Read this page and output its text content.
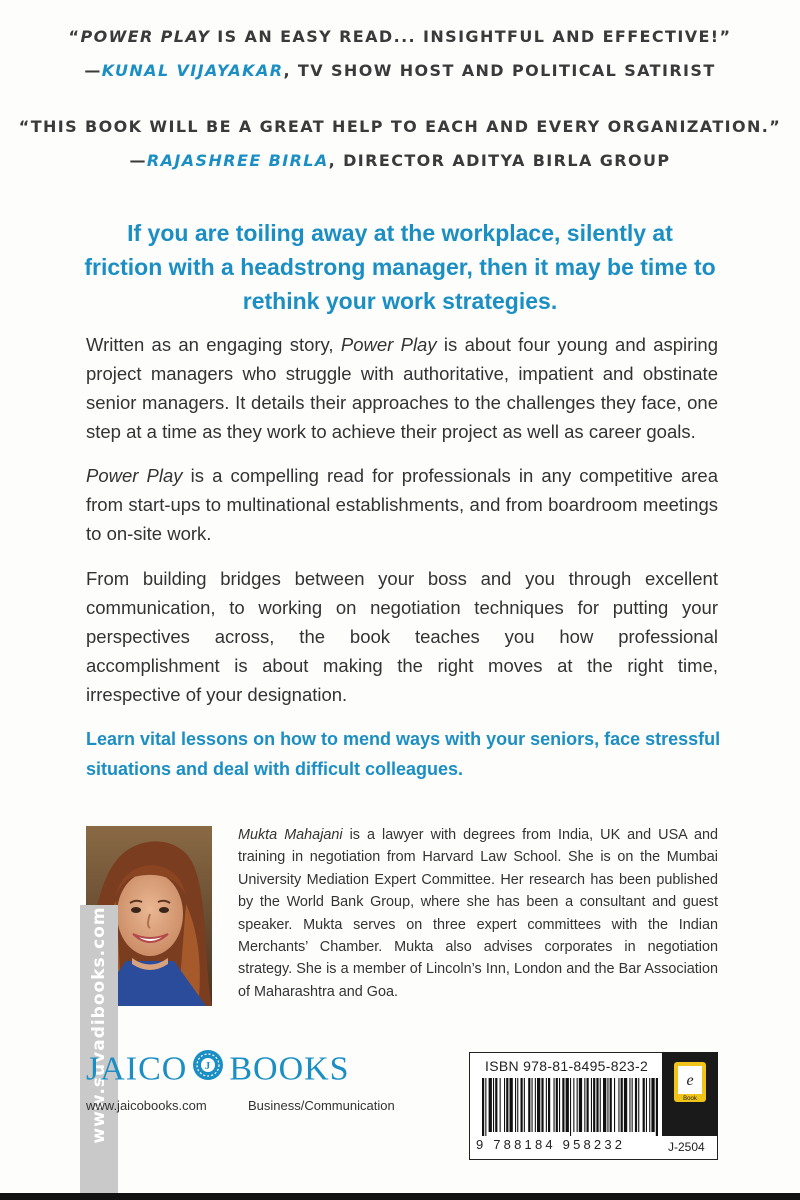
“POWER PLAY IS AN EASY READ... INSIGHTFUL AND EFFECTIVE!”
—KUNAL VIJAYAKAR, TV SHOW HOST AND POLITICAL SATIRIST
“THIS BOOK WILL BE A GREAT HELP TO EACH AND EVERY ORGANIZATION.”
—RAJASHREE BIRLA, DIRECTOR ADITYA BIRLA GROUP
If you are toiling away at the workplace, silently at
friction with a headstrong manager, then it may be time to
rethink your work strategies.

Written as an engaging story, Power Play is about four young and aspiring project managers who struggle with authoritative, impatient and obstinate senior managers. It details their approaches to the challenges they face, one step at a time as they work to achieve their project as well as career goals.

Power Play is a compelling read for professionals in any competitive area from start-ups to multinational establishments, and from boardroom meetings to on-site work.

From building bridges between your boss and you through excellent communication, to working on negotiation techniques for putting your perspectives across, the book teaches you how professional accomplishment is about making the right moves at the right time, irrespective of your designation.

Learn vital lessons on how to mend ways with your seniors, face stressful
situations and deal with difficult colleagues.

Mukta Mahajani is a lawyer with degrees from India, UK and USA and training in negotiation from Harvard Law School. She is on the Mumbai University Mediation Expert Committee. Her research has been published by the World Bank Group, where she has been a consultant and guest speaker. Mukta serves on three expert committees with the Indian Merchants’ Chamber. Mukta also advises corporates in negotiation strategy. She is a member of Lincoln’s Inn, London and the Bar Association of Maharashtra and Goa.

www.suvadibooks.com
JAICO J BOOKS
www.jaicobooks.com	Business/Communication
ISBN 978-81-8495-823-2
9 788184 958232
e
Book
J-2504
